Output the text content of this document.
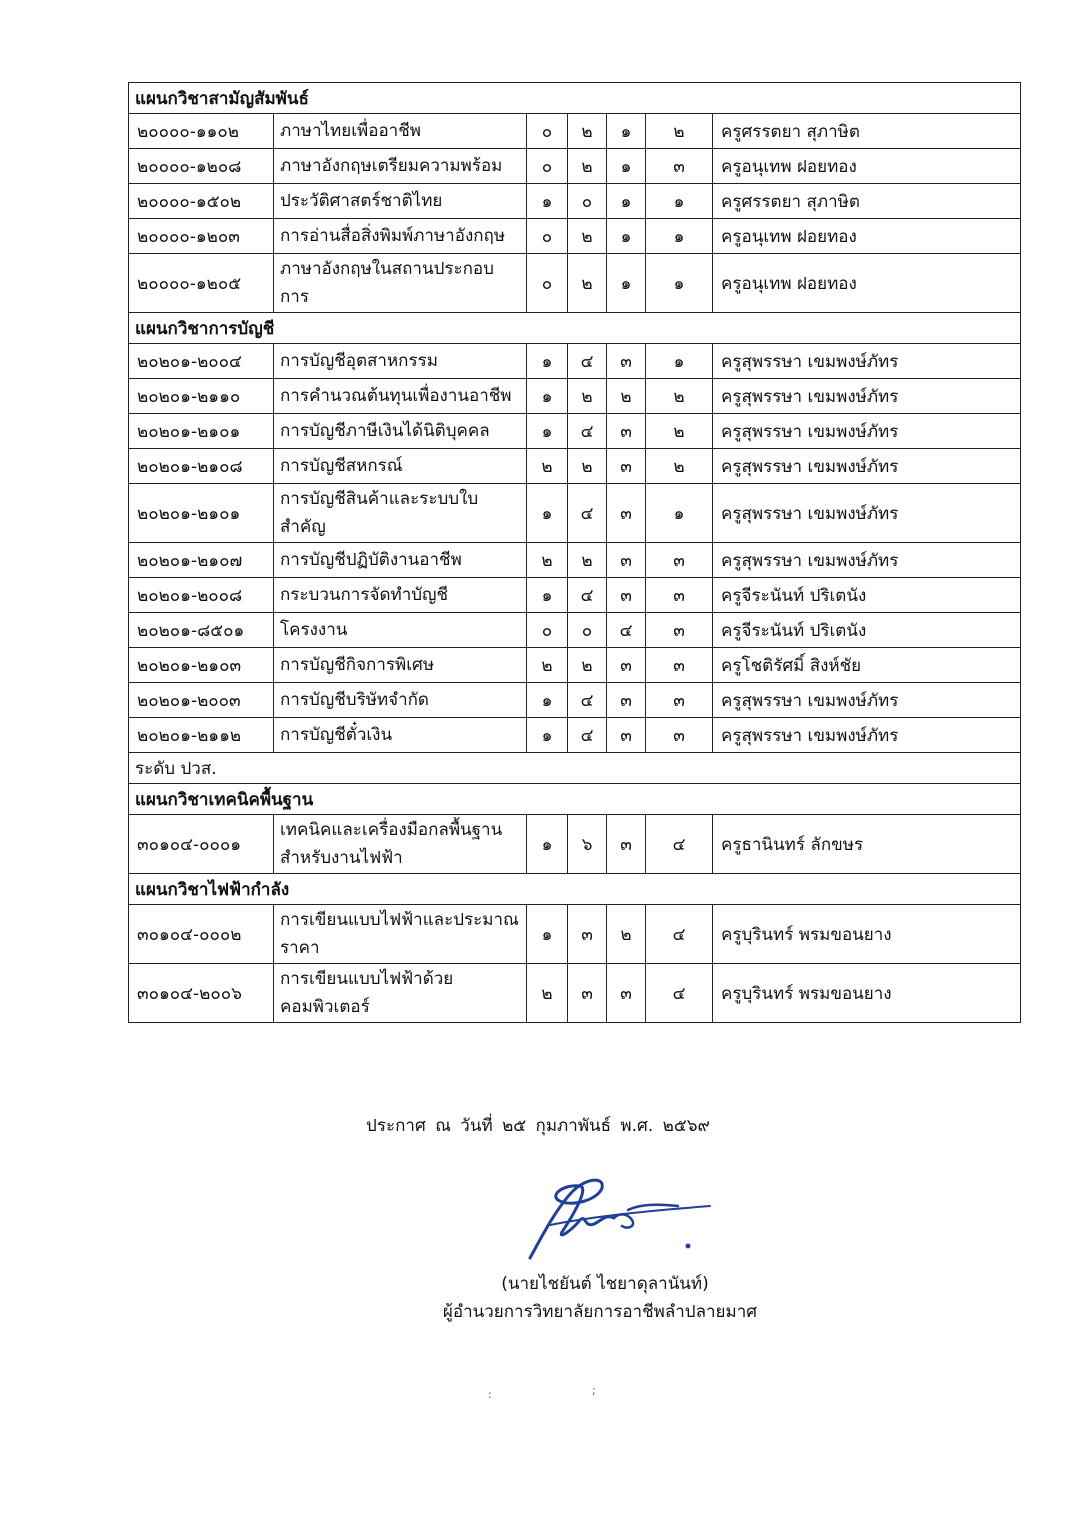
แผนกวิชาสามัญสัมพันธ์						
๒๐๐๐๐-๑๑๐๒	ภาษาไทยเพื่ออาชีพ	๐	๒	๑	๒	ครูศรรตยา สุภาษิต
๒๐๐๐๐-๑๒๐๘	ภาษาอังกฤษเตรียมความพร้อม	๐	๒	๑	๓	ครูอนุเทพ ฝอยทอง
๒๐๐๐๐-๑๕๐๒	ประวัติศาสตร์ชาติไทย	๑	๐	๑	๑	ครูศรรตยา สุภาษิต
๒๐๐๐๐-๑๒๐๓	การอ่านสื่อสิ่งพิมพ์ภาษาอังกฤษ	๐	๒	๑	๑	ครูอนุเทพ ฝอยทอง
๒๐๐๐๐-๑๒๐๕	ภาษาอังกฤษในสถานประกอบการ	๐	๒	๑	๑	ครูอนุเทพ ฝอยทอง
แผนกวิชาการบัญชี						
๒๐๒๐๑-๒๐๐๔	การบัญชีอุตสาหกรรม	๑	๔	๓	๑	ครูสุพรรษา เขมพงษ์ภัทร
๒๐๒๐๑-๒๑๑๐	การคำนวณต้นทุนเพื่องานอาชีพ	๑	๒	๒	๒	ครูสุพรรษา เขมพงษ์ภัทร
๒๐๒๐๑-๒๑๐๑	การบัญชีภาษีเงินได้นิติบุคคล	๑	๔	๓	๒	ครูสุพรรษา เขมพงษ์ภัทร
๒๐๒๐๑-๒๑๐๘	การบัญชีสหกรณ์	๒	๒	๓	๒	ครูสุพรรษา เขมพงษ์ภัทร
๒๐๒๐๑-๒๑๐๑	การบัญชีสินค้าและระบบใบสำคัญ	๑	๔	๓	๑	ครูสุพรรษา เขมพงษ์ภัทร
๒๐๒๐๑-๒๑๐๗	การบัญชีปฏิบัติงานอาชีพ	๒	๒	๓	๓	ครูสุพรรษา เขมพงษ์ภัทร
๒๐๒๐๑-๒๐๐๘	กระบวนการจัดทำบัญชี	๑	๔	๓	๓	ครูจีระนันท์ ปริเตนัง
๒๐๒๐๑-๘๕๐๑	โครงงาน	๐	๐	๔	๓	ครูจีระนันท์ ปริเตนัง
๒๐๒๐๑-๒๑๐๓	การบัญชีกิจการพิเศษ	๒	๒	๓	๓	ครูโชติรัศมิ์ สิงห์ชัย
๒๐๒๐๑-๒๐๐๓	การบัญชีบริษัทจำกัด	๑	๔	๓	๓	ครูสุพรรษา เขมพงษ์ภัทร
๒๐๒๐๑-๒๑๑๒	การบัญชีตั๋วเงิน	๑	๔	๓	๓	ครูสุพรรษา เขมพงษ์ภัทร
ระดับ ปวส.						
แผนกวิชาเทคนิคพื้นฐาน						
๓๐๑๐๔-๐๐๐๑	เทคนิคและเครื่องมือกลพื้นฐานสำหรับงานไฟฟ้า	๑	๖	๓	๔	ครูธานินทร์ ลักขษร
แผนกวิชาไฟฟ้ากำลัง						
๓๐๑๐๔-๐๐๐๒	การเขียนแบบไฟฟ้าและประมาณราคา	๑	๓	๒	๔	ครูบุรินทร์ พรมขอนยาง
๓๐๑๐๔-๒๐๐๖	การเขียนแบบไฟฟ้าด้วยคอมพิวเตอร์	๒	๓	๓	๔	ครูบุรินทร์ พรมขอนยาง
ประกาศ ณ วันที่ ๒๕ กุมภาพันธ์ พ.ศ. ๒๕๖๙
(นายไชยันต์ ไชยาดุลานันท์)
ผู้อำนวยการวิทยาลัยการอาชีพลำปลายมาศ
:	;
